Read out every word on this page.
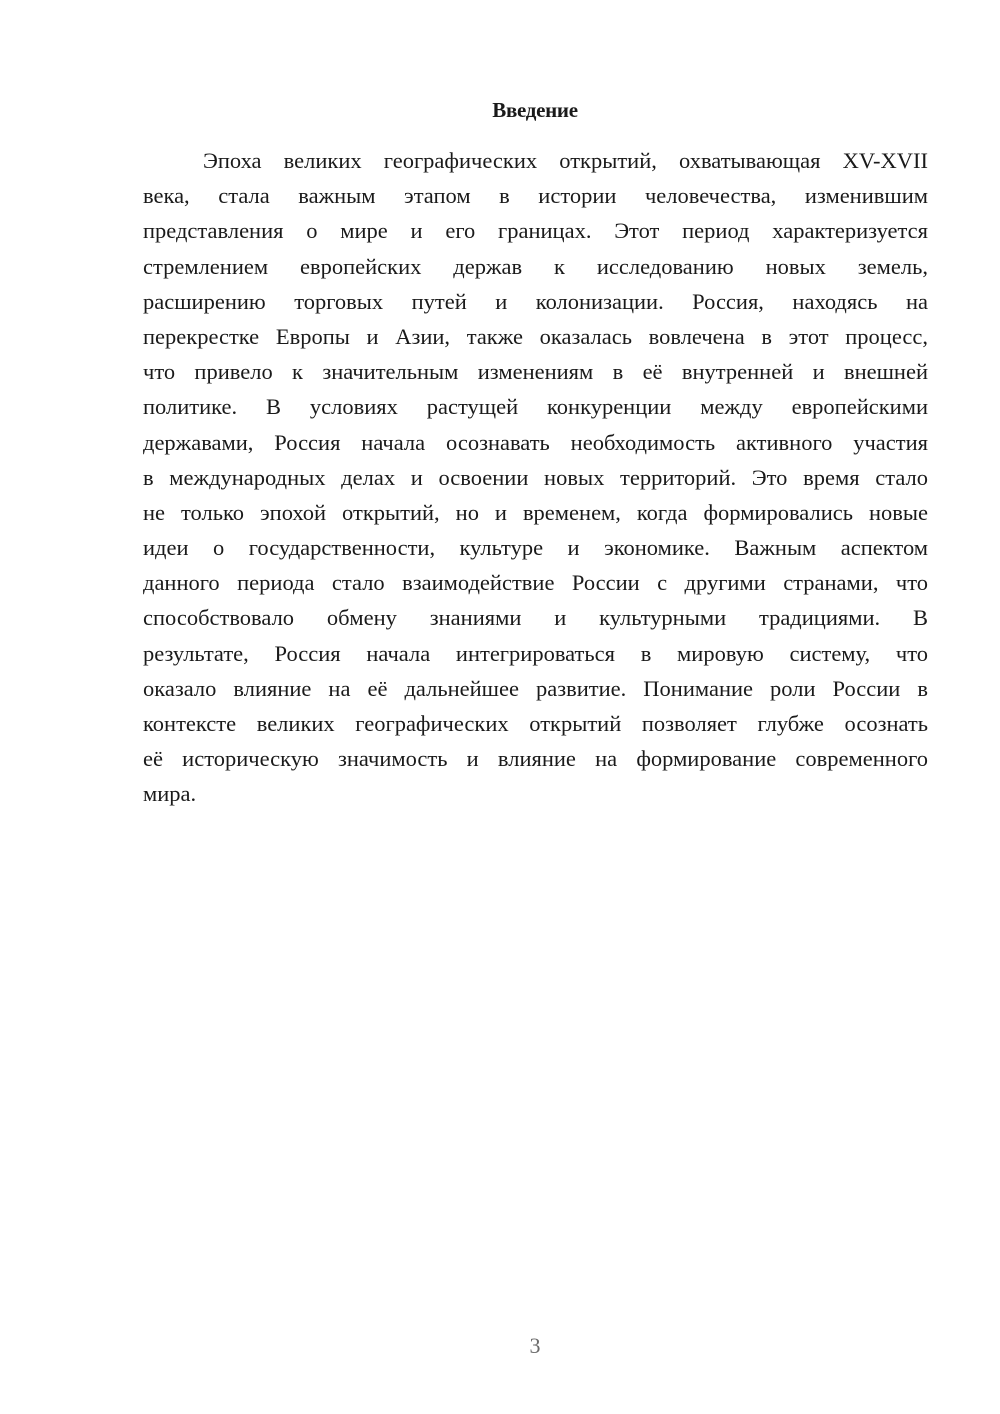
Введение
Эпоха великих географических открытий, охватывающая XV-XVII
века, стала важным этапом в истории человечества, изменившим
представления о мире и его границах. Этот период характеризуется
стремлением европейских держав к исследованию новых земель,
расширению торговых путей и колонизации. Россия, находясь на
перекрестке Европы и Азии, также оказалась вовлечена в этот процесс,
что привело к значительным изменениям в её внутренней и внешней
политике. В условиях растущей конкуренции между европейскими
державами, Россия начала осознавать необходимость активного участия
в международных делах и освоении новых территорий. Это время стало
не только эпохой открытий, но и временем, когда формировались новые
идеи о государственности, культуре и экономике. Важным аспектом
данного периода стало взаимодействие России с другими странами, что
способствовало обмену знаниями и культурными традициями. В
результате, Россия начала интегрироваться в мировую систему, что
оказало влияние на её дальнейшее развитие. Понимание роли России в
контексте великих географических открытий позволяет глубже осознать
её историческую значимость и влияние на формирование современного
мира.
3
